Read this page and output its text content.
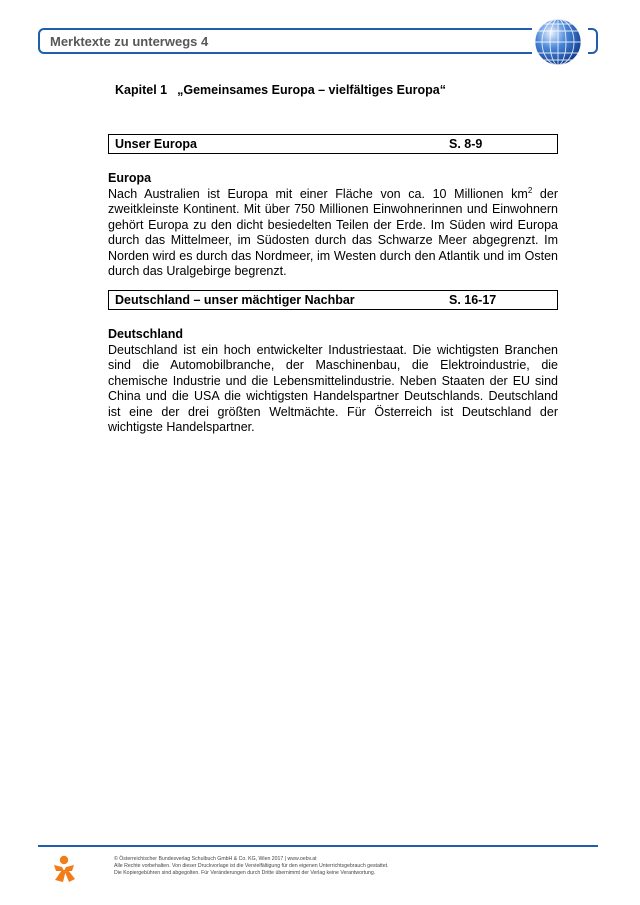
Merktexte zu unterwegs 4
Kapitel 1 „Gemeinsames Europa – vielfältiges Europa“
Unser Europa	S. 8-9
Europa

Nach Australien ist Europa mit einer Fläche von ca. 10 Millionen $km^2$ der zweitkleinste Kontinent. Mit über 750 Millionen Einwohnerinnen und Einwohnern gehört Europa zu den dicht besiedelten Teilen der Erde. Im Süden wird Europa durch das Mittelmeer, im Südosten durch das Schwarze Meer abgegrenzt. Im Norden wird es durch das Nordmeer, im Westen durch den Atlantik und im Osten durch das Uralgebirge begrenzt.

Deutschland – unser mächtiger Nachbar	S. 16-17
Deutschland

Deutschland ist ein hoch entwickelter Industriestaat. Die wichtigsten Branchen sind die Automobilbranche, der Maschinenbau, die Elektroindustrie, die chemische Industrie und die Lebensmittelindustrie. Neben Staaten der EU sind China und die USA die wichtigsten Handelspartner Deutschlands. Deutschland ist eine der drei größten Weltmächte. Für Österreich ist Deutschland der wichtigste Handelspartner.

© Österreichischer Bundesverlag Schulbuch GmbH & Co. KG, Wien 2017 | www.oebv.at
Alle Rechte vorbehalten. Von dieser Druckvorlage ist die Vervielfältigung für den eigenen Unterrichtsgebrauch gestattet.
Die Kopiergebühren sind abgegolten. Für Veränderungen durch Dritte übernimmt der Verlag keine Verantwortung.
